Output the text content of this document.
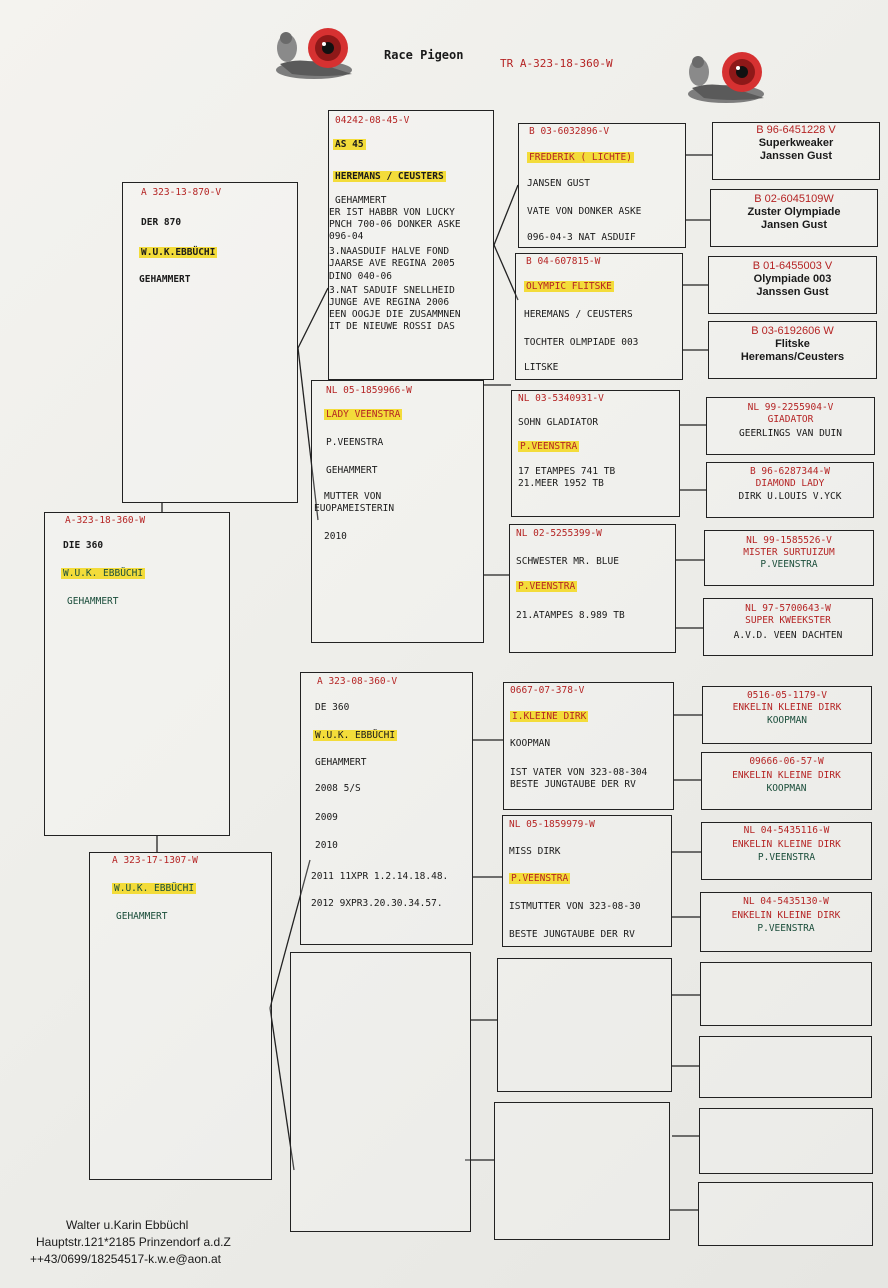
Race Pigeon
TR A-323-18-360-W
A-323-18-360-W
DIE 360
W.U.K. EBBÜCHI
GEHAMMERT
A 323-13-870-V
DER 870
W.U.K.EBBÜCHI
GEHAMMERT
A 323-17-1307-W
W.U.K. EBBÜCHI
GEHAMMERT
04242-08-45-V
AS 45
HEREMANS / CEUSTERS
GEHAMMERT
ER IST HABBR VON LUCKY
PNCH 700-06 DONKER ASKE
096-04
3.NAASDUIF HALVE FOND
JAARSE AVE REGINA 2005
DINO 040-06
3.NAT SADUIF SNELLHEID
JUNGE AVE REGINA 2006
EEN OOGJE DIE ZUSAMMNEN
IT DE NIEUWE ROSSI DAS
NL 05-1859966-W
LADY VEENSTRA
P.VEENSTRA
GEHAMMERT
MUTTER VON
EUOPAMEISTERIN
2010
A 323-08-360-V
DE 360
W.U.K. EBBÜCHI
GEHAMMERT
2008 5/S
2009
2010
2011 11XPR 1.2.14.18.48.
2012 9XPR3.20.30.34.57.
B 03-6032896-V
FREDERIK ( LICHTE)
JANSEN GUST
VATE VON DONKER ASKE
096-04-3 NAT ASDUIF
B 04-607815-W
OLYMPIC FLITSKE
HEREMANS / CEUSTERS
TOCHTER OLMPIADE 003
LITSKE
NL 03-5340931-V
SOHN GLADIATOR
P.VEENSTRA
17 ETAMPES 741 TB
21.MEER 1952 TB
NL 02-5255399-W
SCHWESTER MR. BLUE
P.VEENSTRA
21.ATAMPES 8.989 TB
0667-07-378-V
I.KLEINE DIRK
KOOPMAN
IST VATER VON 323-08-304
BESTE JUNGTAUBE DER RV
NL 05-1859979-W
MISS DIRK
P.VEENSTRA
ISTMUTTER VON 323-08-30
BESTE JUNGTAUBE DER RV
B 96-6451228 V
Superkweaker
Janssen Gust
B 02-6045109W
Zuster Olympiade
Jansen Gust
B 01-6455003 V
Olympiade 003
Janssen Gust
B 03-6192606 W
Flitske
Heremans/Ceusters
NL 99-2255904-V
GIADATOR
GEERLINGS VAN DUIN
B 96-6287344-W
DIAMOND LADY
DIRK U.LOUIS V.YCK
NL 99-1585526-V
MISTER SURTUIZUM
P.VEENSTRA
NL 97-5700643-W
SUPER KWEEKSTER
A.V.D. VEEN DACHTEN
0516-05-1179-V
ENKELIN KLEINE DIRK
KOOPMAN
09666-06-57-W
ENKELIN KLEINE DIRK
KOOPMAN
NL 04-5435116-W
ENKELIN KLEINE DIRK
P.VEENSTRA
NL 04-5435130-W
ENKELIN KLEINE DIRK
P.VEENSTRA
Walter u.Karin Ebbüchl
Hauptstr.121*2185 Prinzendorf a.d.Z
++43/0699/18254517-k.w.e@aon.at
